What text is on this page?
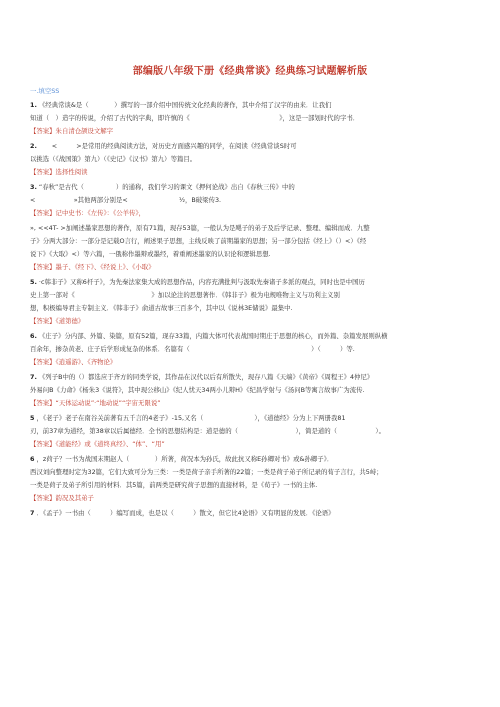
部编版八年级下册《经典常谈》经典练习试题解析版
一.填空SS
1. 《经典常谈&是（　　　　）撰写的一部介绍中国传统文化经典的著作，其中介绍了汉字的由来．让我们
知道（　）造字的传说，介绍了古代的字典，即许慎的《　　　　　　　　　　　　　　》，这是一部划时代的字书．
【答案】朱自清仓颉设文解字
2. 　　<　　　>是常用的经典阅读方法，对历史方面感兴趣的同学，在阅读《经典常谈S时可
以挑选（《战国策》第九）（《史记》《汉书》第九）等篇目。
【答案】选择性阅读
3. “春秋”是古代（　　　　　）的通称，我们学习的课文《押何论战》出自《春秋三传》中的
<　　　　　　»其他两部分别是<　　　　　　　　½，B破梁传3.
【答案】记中史书：《左传》：《公羊传》，
», <<4T- >加阐述墨家思想的著作，原有71篇，现存53篇，一般认为是飓子的弟子及后学记录、整理、编辑而成．九整
子》分两大部分：一部分是记载O言行，阐述果子思想，主线反映了前期墨家的思想；另一部分包括《经上》（）<）《经
说下》《大取》<）等六篇，一俄称作墨辩或墨经，着重阐述墨家的认识论和逻辑思想.
【答案】墨子、《经下》、《经说上》、《小取》
5. ·c韩非子》又称6杆子》，为先秦法家集大成的思想作品，内容充满批判与汲取先秦诸子多派的观点，同时也是中国历
史上第一部对《　　　　　　　　　　　　》加以论注的思想著作．《韩非子》极为电规唯物主义与功利主义别
想，积极编导君主专制主义．《韩非子》俞道古故事三百多个，其中以《说林3E储说》最集中.
【答案】《道第德》
6. 《庄子》分内部、外篇、染篇，原有52篇，现存33篇，内篇大体可代表战国时期庄于思想的核心，而外篇、杂篇发展则纵横
百余年，掺杂黄老、庄子后学形成复杂的体系．名篇有（　　　　　　　　　　　　　　　　　　　）（　　　）等.
【答案】《逍遥游》、《齐物论》
7. 《列子B中的（）都选应于齐方的同类学说，其作品在汉代以后有所散失，现存八篇《天端》《黄帝》《周程王》4仲尼》
外易问B《力命》《杨朱3《说符》，其中现公移山》《纪人忧天34两小儿辩H》《纪昌学射与《汤问B等寓言故事广为流传.
【答案】“天体运动说”·“地动说”“宇宙无限说”
5 ，《老子》老子在南谷关前著有五千言的4老子》-15,又名（　　　　　　　　），《道德经》分为上下两册我81
刃，前37章为道经，第38章以后属德经．全书的思想结构是：道是德的（　　　　　　　　　），简是道的（　　　　　　）。
【答案】《道能经》或《道终真经》、“体”、“用”
6 ，z荷子？一书为战国末期赵人（　　　　）所著，荷况本为孙氏，故此抗又称E孙卿对书》或&孙卿子》．
西汉刘向整理时定为32篇，它们大致可分为三类：一类是荷子亲手所著的22篇；一类是荷子弟子所记录的荀子言行，共5峙；
一类是荷子及弟子所引用的材料．其5篇，前两类是研究荷子思想的直接材料，是《荀子》一书的主体.
【答案】韵况及其弟子
7 ．《孟子》一书由（　　　）编写而成，也是以（　　　）散文，但它比4论语》又有明显的发展．《论语》
